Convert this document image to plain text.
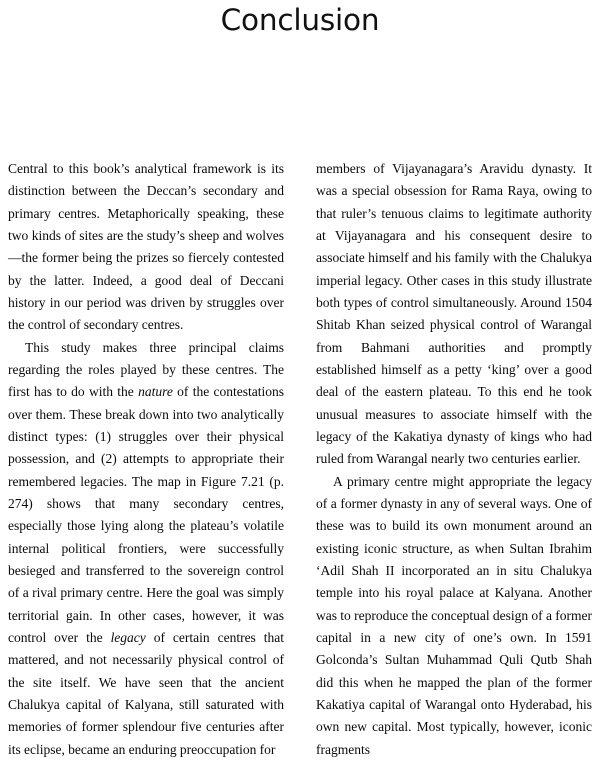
Conclusion

Central to this book’s analytical framework is its distinction between the Deccan’s secondary and primary centres. Metaphorically speaking, these two kinds of sites are the study’s sheep and wolves—the former being the prizes so fiercely contested by the latter. Indeed, a good deal of Deccani history in our period was driven by struggles over the control of secondary centres.

This study makes three principal claims regarding the roles played by these centres. The first has to do with the nature of the contestations over them. These break down into two analytically distinct types: (1) struggles over their physical possession, and (2) attempts to appropriate their remembered legacies. The map in Figure 7.21 (p. 274) shows that many secondary centres, especially those lying along the plateau’s volatile internal political frontiers, were successfully besieged and transferred to the sovereign control of a rival primary centre. Here the goal was simply territorial gain. In other cases, however, it was control over the legacy of certain centres that mattered, and not necessarily physical control of the site itself. We have seen that the ancient Chalukya capital of Kalyana, still saturated with memories of former splendour five centuries after its eclipse, became an enduring preoccupation for

members of Vijayanagara’s Aravidu dynasty. It was a special obsession for Rama Raya, owing to that ruler’s tenuous claims to legitimate authority at Vijayanagara and his consequent desire to associate himself and his family with the Chalukya imperial legacy. Other cases in this study illustrate both types of control simultaneously. Around 1504 Shitab Khan seized physical control of Warangal from Bahmani authorities and promptly established himself as a petty ‘king’ over a good deal of the eastern plateau. To this end he took unusual measures to associate himself with the legacy of the Kakatiya dynasty of kings who had ruled from Warangal nearly two centuries earlier.

A primary centre might appropriate the legacy of a former dynasty in any of several ways. One of these was to build its own monument around an existing iconic structure, as when Sultan Ibrahim ʻAdil Shah II incorporated an in situ Chalukya temple into his royal palace at Kalyana. Another was to reproduce the conceptual design of a former capital in a new city of one’s own. In 1591 Golconda’s Sultan Muhammad Quli Qutb Shah did this when he mapped the plan of the former Kakatiya capital of Warangal onto Hyderabad, his own new capital. Most typically, however, iconic fragments
